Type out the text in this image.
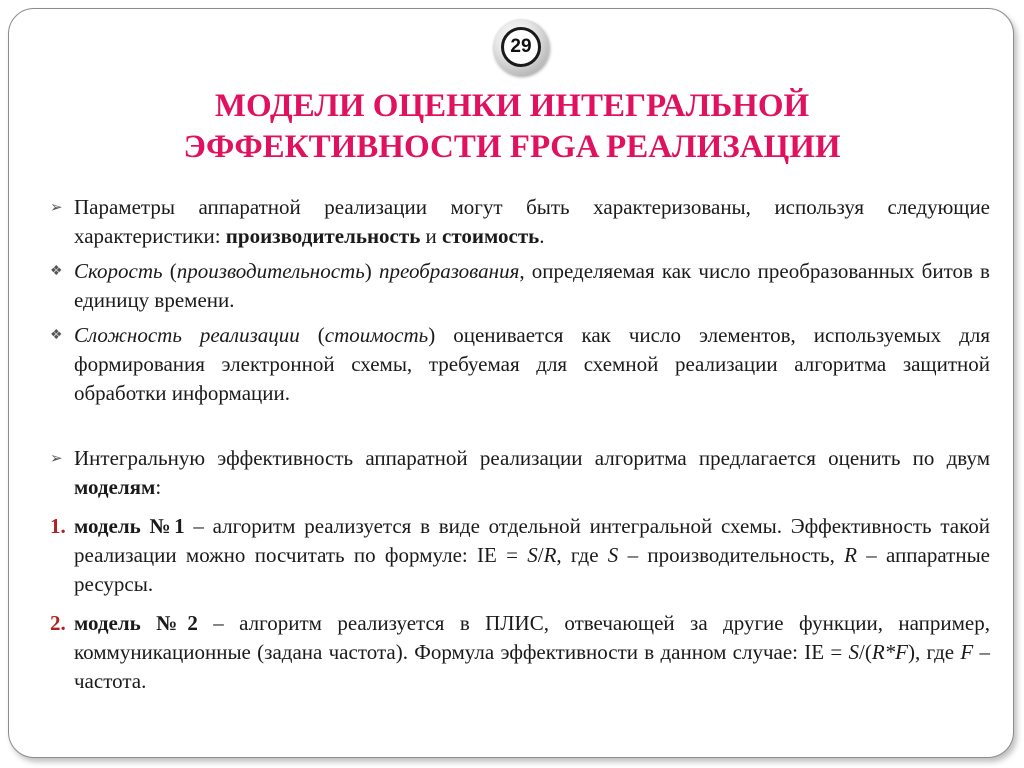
29
МОДЕЛИ ОЦЕНКИ ИНТЕГРАЛЬНОЙ
ЭФФЕКТИВНОСТИ FPGA РЕАЛИЗАЦИИ
➢ Параметры аппаратной реализации могут быть характеризованы, используя следующие характеристики: производительность и стоимость.
❖ Скорость (производительность) преобразования, определяемая как число преобразованных битов в единицу времени.
❖ Сложность реализации (стоимость) оценивается как число элементов, используемых для формирования электронной схемы, требуемая для схемной реализации алгоритма защитной обработки информации.
➢ Интегральную эффективность аппаратной реализации алгоритма предлагается оценить по двум моделям:
1. модель №1 – алгоритм реализуется в виде отдельной интегральной схемы. Эффективность такой реализации можно посчитать по формуле: IE = S/R, где S – производительность, R – аппаратные ресурсы.
2. модель №2 – алгоритм реализуется в ПЛИС, отвечающей за другие функции, например, коммуникационные (задана частота). Формула эффективности в данном случае: IE = S/(R*F), где F – частота.
